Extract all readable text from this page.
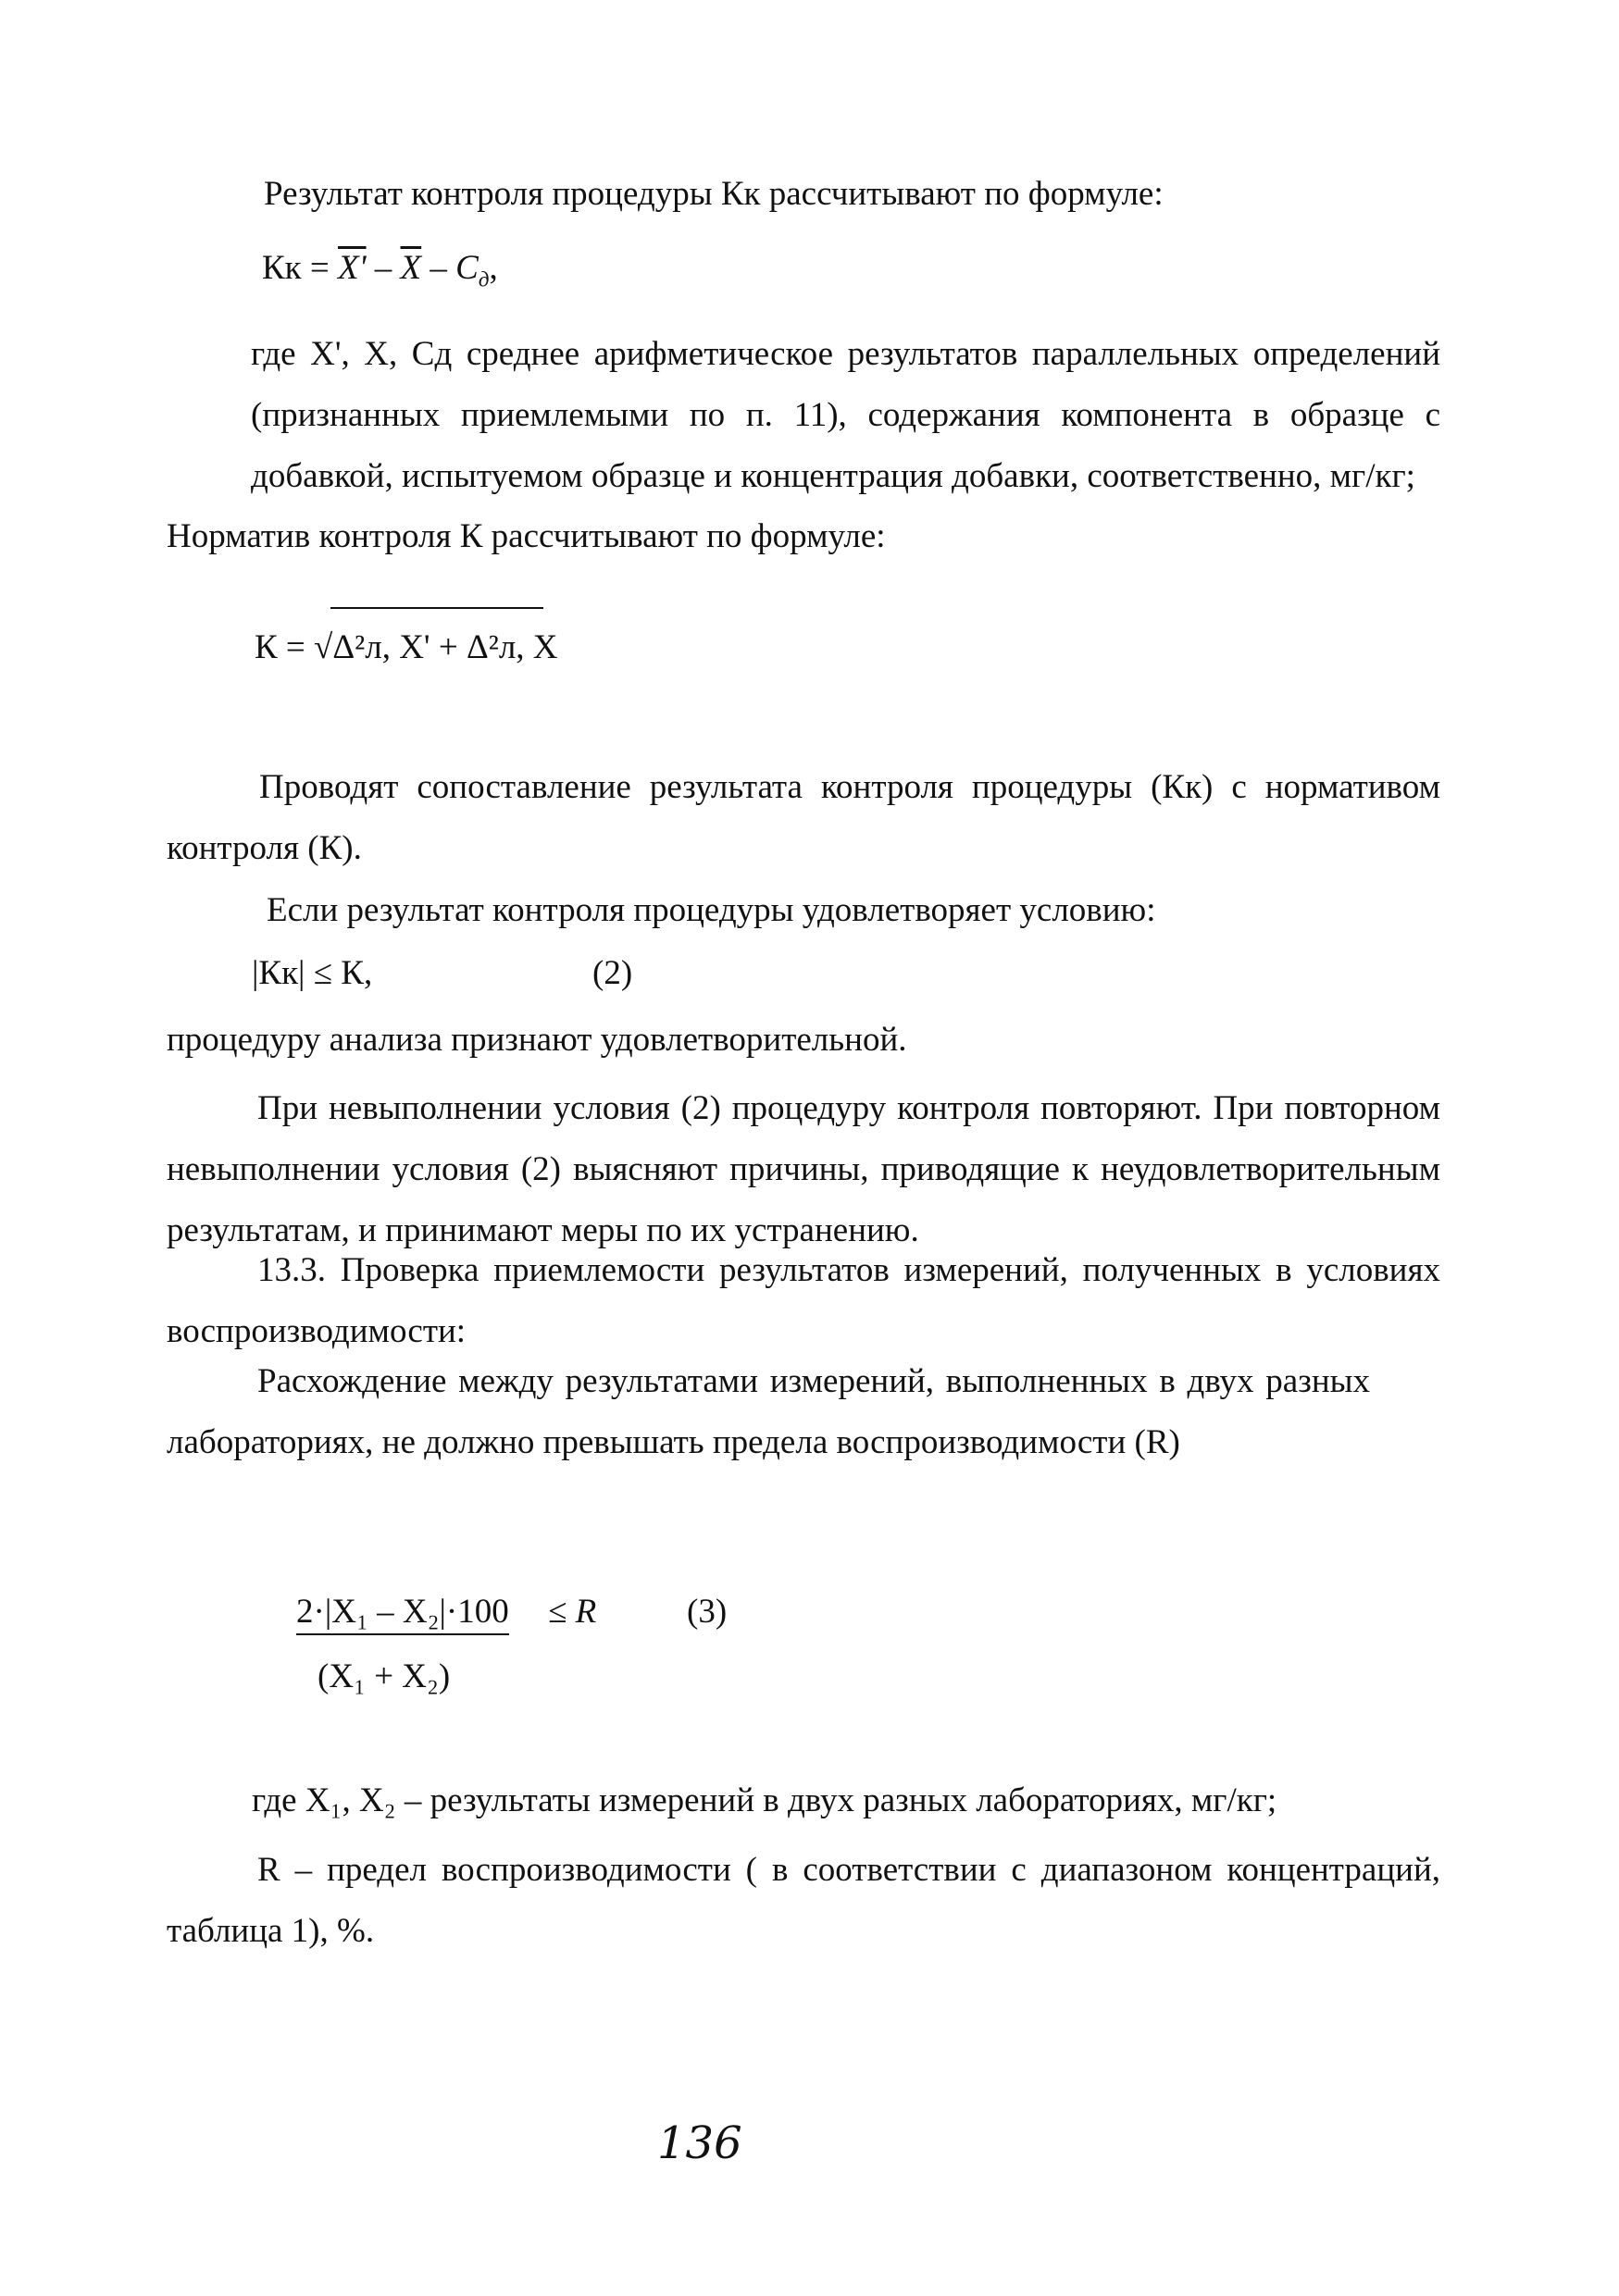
Результат контроля процедуры Кк рассчитывают по формуле:
Кк = X' – $\overline{X} - C_д$,
где X', X, Cд среднее арифметическое результатов параллельных определений (признанных приемлемыми по п. 11), содержания компонента в образце с добавкой, испытуемом образце и концентрация добавки, соответственно, мг/кг;
Норматив контроля К рассчитывают по формуле:
К = √Δ²л, X' + Δ²л, X
Проводят сопоставление результата контроля процедуры (Кк) с нормативом контроля (К).
Если результат контроля процедуры удовлетворяет условию:
|Кк| ≤ К,	(2)
процедуру анализа признают удовлетворительной.
При невыполнении условия (2) процедуру контроля повторяют. При повторном невыполнении условия (2) выясняют причины, приводящие к неудовлетворительным результатам, и принимают меры по их устранению.
13.3. Проверка приемлемости результатов измерений, полученных в условиях воспроизводимости:
Расхождение между результатами измерений, выполненных в двух разных лабораториях, не должно превышать предела воспроизводимости (R)
2·|X₁ – X₂|·100 ≤ R	(3)
(X₁ + X₂)
где X₁, X₂ – результаты измерений в двух разных лабораториях, мг/кг;
R – предел воспроизводимости ( в соответствии с диапазоном концентраций, таблица 1), %.
136
